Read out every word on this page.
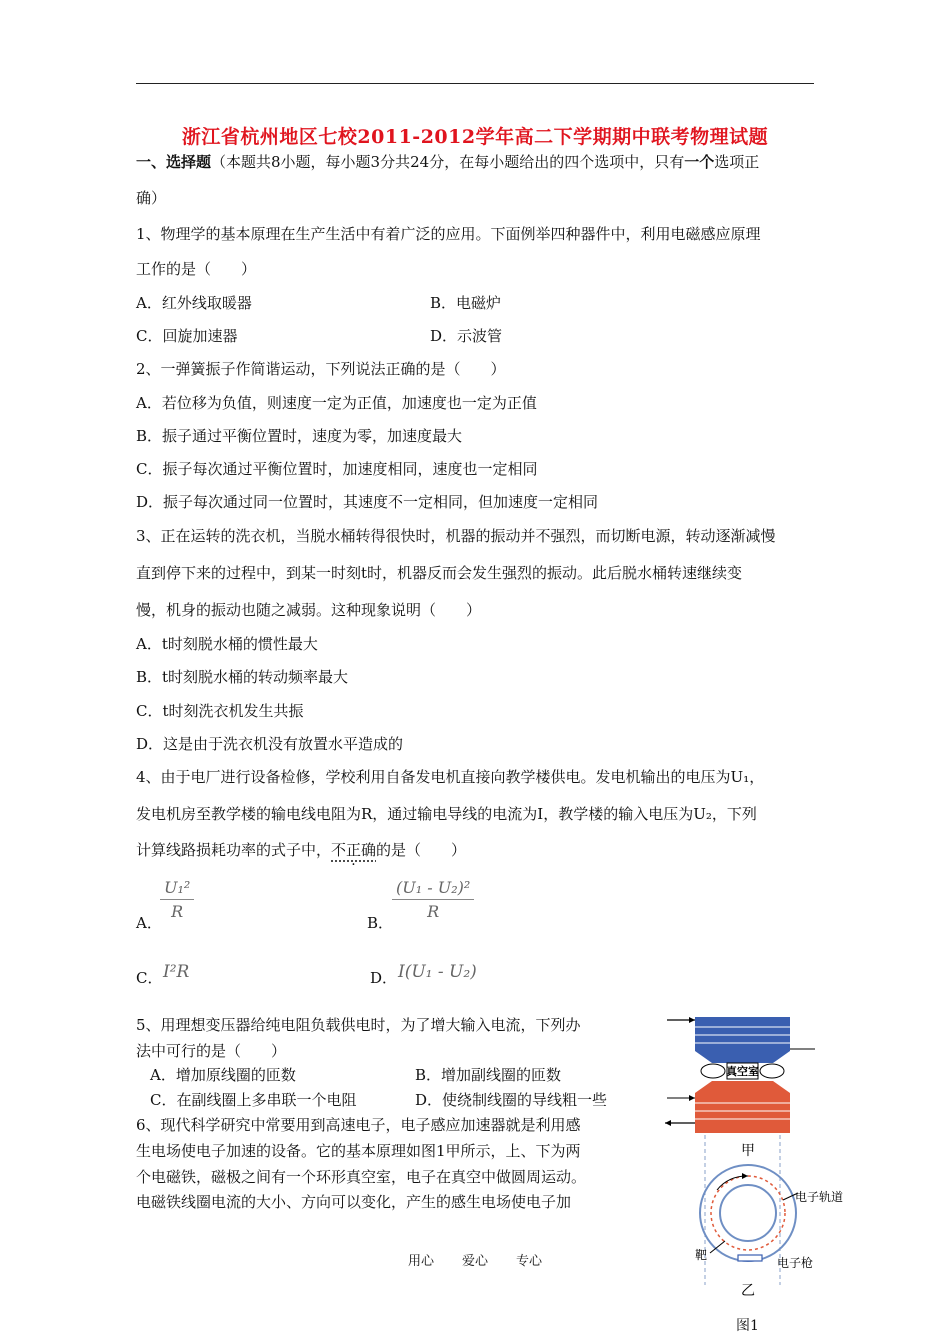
浙江省杭州地区七校2011-2012学年高二下学期期中联考物理试题
一、选择题（本题共8小题，每小题3分共24分，在每小题给出的四个选项中，只有一个选项正
确）
1、物理学的基本原理在生产生活中有着广泛的应用。下面例举四种器件中，利用电磁感应原理
工作的是（　　）
A．红外线取暖器	B．电磁炉
C．回旋加速器	D．示波管
2、一弹簧振子作简谐运动，下列说法正确的是（　　）
A．若位移为负值，则速度一定为正值，加速度也一定为正值
B．振子通过平衡位置时，速度为零，加速度最大
C．振子每次通过平衡位置时，加速度相同，速度也一定相同
D．振子每次通过同一位置时，其速度不一定相同，但加速度一定相同
3、正在运转的洗衣机，当脱水桶转得很快时，机器的振动并不强烈，而切断电源，转动逐渐减慢
直到停下来的过程中，到某一时刻t时，机器反而会发生强烈的振动。此后脱水桶转速继续变
慢，机身的振动也随之减弱。这种现象说明（　　）
A．t时刻脱水桶的惯性最大
B．t时刻脱水桶的转动频率最大
C．t时刻洗衣机发生共振
D．这是由于洗衣机没有放置水平造成的
4、由于电厂进行设备检修，学校利用自备发电机直接向教学楼供电。发电机输出的电压为U₁，
发电机房至教学楼的输电线电阻为R，通过输电导线的电流为I，教学楼的输入电压为U₂，下列
计算线路损耗功率的式子中，不正确的是（　　）
A．
U₁²
R
B．
(U₁ - U₂)²
R
C． I²R	D． I(U₁ - U₂)
5、用理想变压器给纯电阻负载供电时，为了增大输入电流，下列办
法中可行的是（　　）
A．增加原线圈的匝数	B．增加副线圈的匝数
C．在副线圈上多串联一个电阻	D．使绕制线圈的导线粗一些
6、现代科学研究中常要用到高速电子，电子感应加速器就是利用感
生电场使电子加速的设备。它的基本原理如图1甲所示，上、下为两
个电磁铁，磁极之间有一个环形真空室，电子在真空中做圆周运动。
电磁铁线圈电流的大小、方向可以变化，产生的感生电场使电子加
真空室
甲
电子轨道
靶
电子枪
乙
图1
用心 爱心 专心
